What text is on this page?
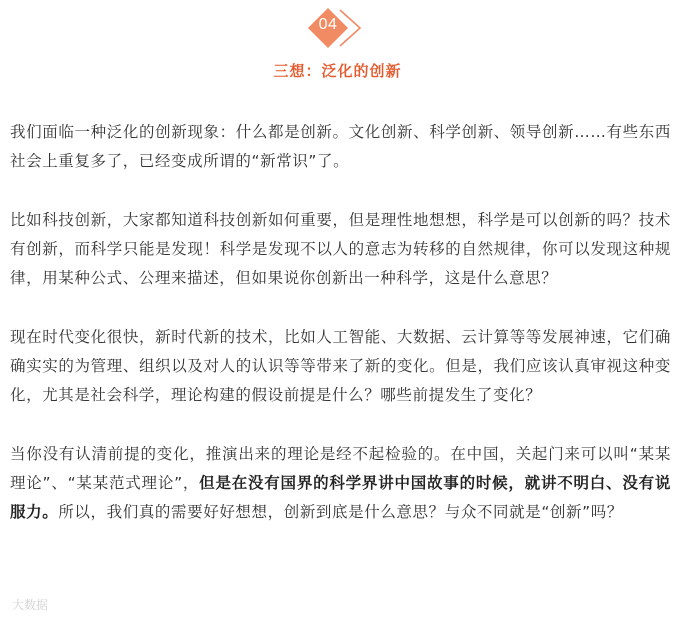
04
三想：泛化的创新

我们面临一种泛化的创新现象：什么都是创新。文化创新、科学创新、领导创新……有些东西社会上重复多了，已经变成所谓的“新常识”了。

比如科技创新，大家都知道科技创新如何重要，但是理性地想想，科学是可以创新的吗？技术有创新，而科学只能是发现！科学是发现不以人的意志为转移的自然规律，你可以发现这种规律，用某种公式、公理来描述，但如果说你创新出一种科学，这是什么意思？

现在时代变化很快，新时代新的技术，比如人工智能、大数据、云计算等等发展神速，它们确确实实的为管理、组织以及对人的认识等等带来了新的变化。但是，我们应该认真审视这种变化，尤其是社会科学，理论构建的假设前提是什么？哪些前提发生了变化？

当你没有认清前提的变化，推演出来的理论是经不起检验的。在中国，关起门来可以叫“某某理论”、“某某范式理论”，但是在没有国界的科学界讲中国故事的时候，就讲不明白、没有说服力。所以，我们真的需要好好想想，创新到底是什么意思？与众不同就是“创新”吗？

大数据
